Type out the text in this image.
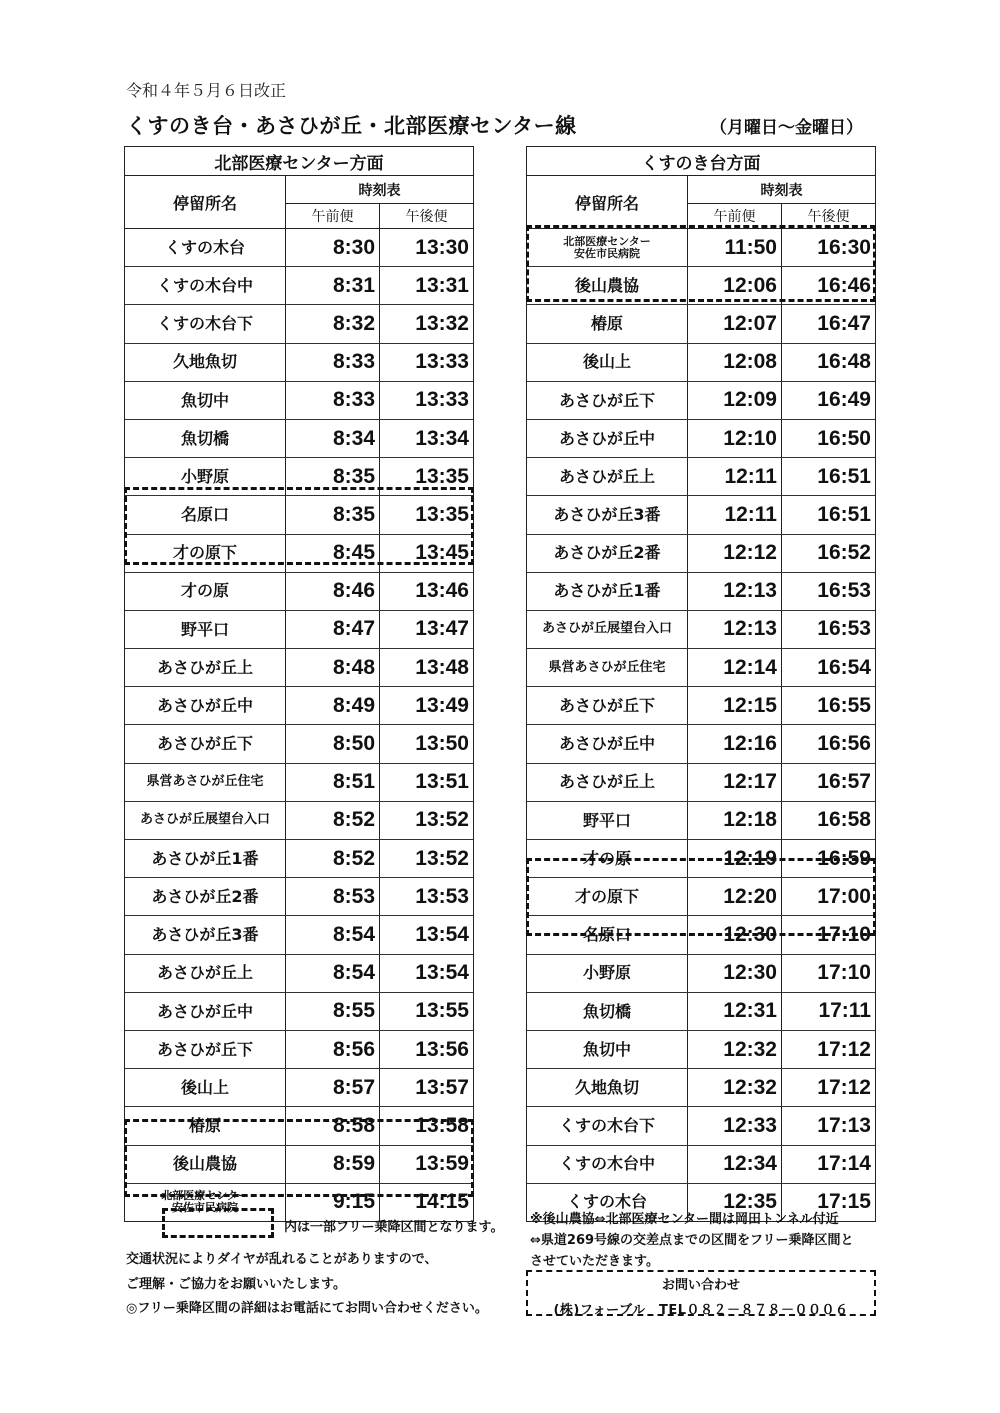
令和４年５月６日改正
くすのき台・あさひが丘・北部医療センター線	（月曜日～金曜日）
北部医療センター方面
停留所名
時刻表
午前便	午後便
くすの木台	8:30	13:30
くすの木台中	8:31	13:31
くすの木台下	8:32	13:32
久地魚切	8:33	13:33
魚切中	8:33	13:33
魚切橋	8:34	13:34
小野原	8:35	13:35
名原口	8:35	13:35
才の原下	8:45	13:45
才の原	8:46	13:46
野平口	8:47	13:47
あさひが丘上	8:48	13:48
あさひが丘中	8:49	13:49
あさひが丘下	8:50	13:50
県営あさひが丘住宅	8:51	13:51
あさひが丘展望台入口	8:52	13:52
あさひが丘1番	8:52	13:52
あさひが丘2番	8:53	13:53
あさひが丘3番	8:54	13:54
あさひが丘上	8:54	13:54
あさひが丘中	8:55	13:55
あさひが丘下	8:56	13:56
後山上	8:57	13:57
椿原	8:58	13:58
後山農協	8:59	13:59
北部医療センター
安佐市民病院	9:15	14:15
くすのき台方面
停留所名
時刻表
午前便	午後便
北部医療センター
安佐市民病院	11:50	16:30
後山農協	12:06	16:46
椿原	12:07	16:47
後山上	12:08	16:48
あさひが丘下	12:09	16:49
あさひが丘中	12:10	16:50
あさひが丘上	12:11	16:51
あさひが丘3番	12:11	16:51
あさひが丘2番	12:12	16:52
あさひが丘1番	12:13	16:53
あさひが丘展望台入口	12:13	16:53
県営あさひが丘住宅	12:14	16:54
あさひが丘下	12:15	16:55
あさひが丘中	12:16	16:56
あさひが丘上	12:17	16:57
野平口	12:18	16:58
才の原	12:19	16:59
才の原下	12:20	17:00
名原口	12:30	17:10
小野原	12:30	17:10
魚切橋	12:31	17:11
魚切中	12:32	17:12
久地魚切	12:32	17:12
くすの木台下	12:33	17:13
くすの木台中	12:34	17:14
くすの木台	12:35	17:15
内は一部フリー乗降区間となります。
交通状況によりダイヤが乱れることがありますので、
ご理解・ご協力をお願いいたします。
◎フリー乗降区間の詳細はお電話にてお問い合わせください。
※後山農協⇔北部医療センター間は岡田トンネル付近
⇔県道269号線の交差点までの区間をフリー乗降区間と
させていただきます。
お問い合わせ
(株)フォーブル　TEL０８２－８７８－０００６
